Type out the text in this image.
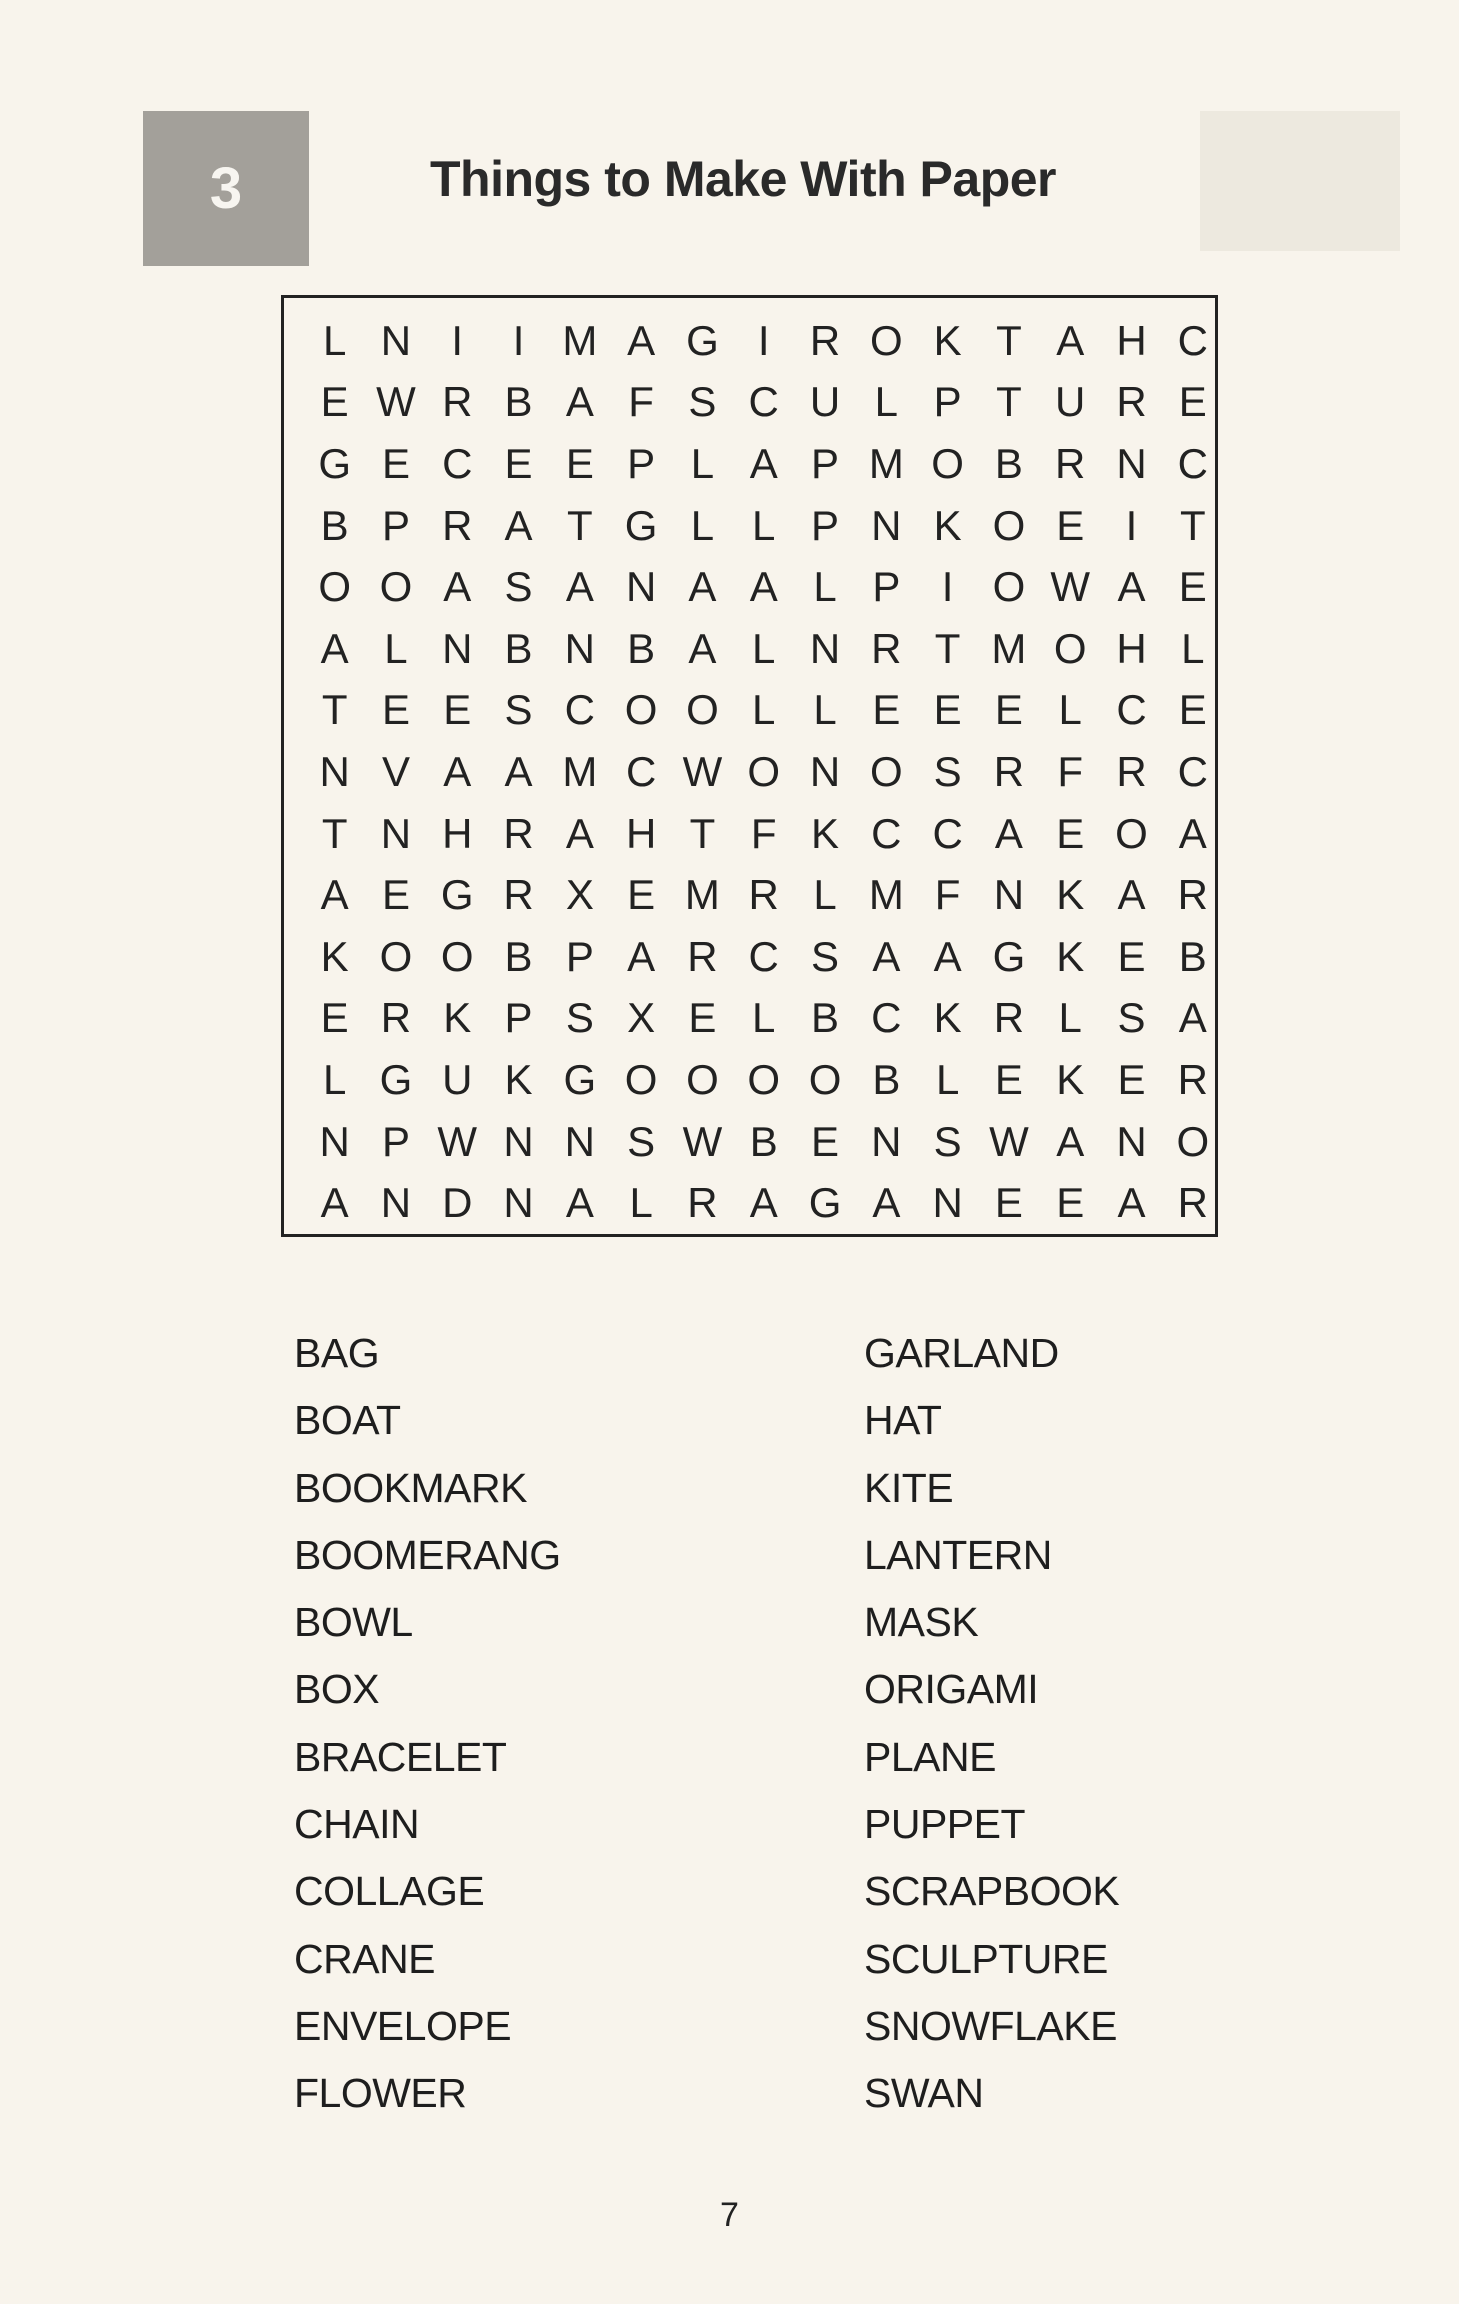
3	Things to Make With Paper
L N I	I M A G I R O K T A H C
E W R B A F S C U L P T U R E
G E C E E P L A P M O B R N C
B P R A T G L L P N K O E I	T
O O A S A N A A L P I O W A E
A L N B N B A L N R T M O H L
T E E S C O O L L E E E L C E
N V A A M C W O N O S R F R C
T N H R A H T F K C C A E O A
A E G R X E M R L M F N K A R
K O O B P A R C S A A G K E B
E R K P S X E L B C K R L S A
L G U K G O O O O B L E K E R
N P W N N S W B E N S W A N O
A N D N A L R A G A N E E A R
BAG
BOAT
BOOKMARK
BOOMERANG
BOWL
BOX
BRACELET
CHAIN
COLLAGE
CRANE
ENVELOPE
FLOWER
GARLAND
HAT
KITE
LANTERN
MASK
ORIGAMI
PLANE
PUPPET
SCRAPBOOK
SCULPTURE
SNOWFLAKE
SWAN
7
